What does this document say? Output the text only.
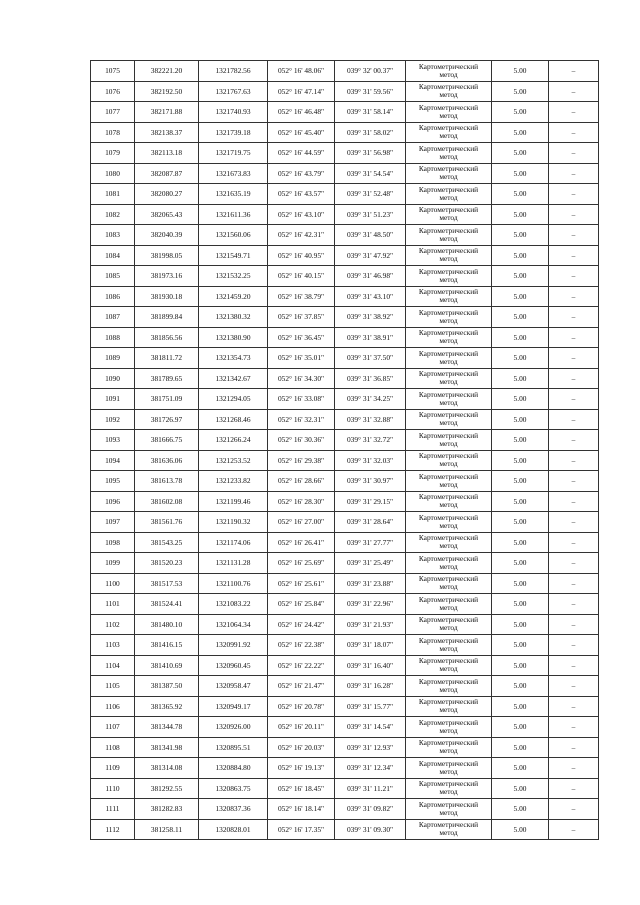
1075	382221.20	1321782.56	052° 16' 48.06"	039° 32' 00.37"	Картометрический
метод	5.00	–
1076	382192.50	1321767.63	052° 16' 47.14"	039° 31' 59.56"	Картометрический
метод	5.00	–
1077	382171.88	1321740.93	052° 16' 46.48"	039° 31' 58.14"	Картометрический
метод	5.00	–
1078	382138.37	1321739.18	052° 16' 45.40"	039° 31' 58.02"	Картометрический
метод	5.00	–
1079	382113.18	1321719.75	052° 16' 44.59"	039° 31' 56.98"	Картометрический
метод	5.00	–
1080	382087.87	1321673.83	052° 16' 43.79"	039° 31' 54.54"	Картометрический
метод	5.00	–
1081	382080.27	1321635.19	052° 16' 43.57"	039° 31' 52.48"	Картометрический
метод	5.00	–
1082	382065.43	1321611.36	052° 16' 43.10"	039° 31' 51.23"	Картометрический
метод	5.00	–
1083	382040.39	1321560.06	052° 16' 42.31"	039° 31' 48.50"	Картометрический
метод	5.00	–
1084	381998.05	1321549.71	052° 16' 40.95"	039° 31' 47.92"	Картометрический
метод	5.00	–
1085	381973.16	1321532.25	052° 16' 40.15"	039° 31' 46.98"	Картометрический
метод	5.00	–
1086	381930.18	1321459.20	052° 16' 38.79"	039° 31' 43.10"	Картометрический
метод	5.00	–
1087	381899.84	1321380.32	052° 16' 37.85"	039° 31' 38.92"	Картометрический
метод	5.00	–
1088	381856.56	1321380.90	052° 16' 36.45"	039° 31' 38.91"	Картометрический
метод	5.00	–
1089	381811.72	1321354.73	052° 16' 35.01"	039° 31' 37.50"	Картометрический
метод	5.00	–
1090	381789.65	1321342.67	052° 16' 34.30"	039° 31' 36.85"	Картометрический
метод	5.00	–
1091	381751.09	1321294.05	052° 16' 33.08"	039° 31' 34.25"	Картометрический
метод	5.00	–
1092	381726.97	1321268.46	052° 16' 32.31"	039° 31' 32.88"	Картометрический
метод	5.00	–
1093	381666.75	1321266.24	052° 16' 30.36"	039° 31' 32.72"	Картометрический
метод	5.00	–
1094	381636.06	1321253.52	052° 16' 29.38"	039° 31' 32.03"	Картометрический
метод	5.00	–
1095	381613.78	1321233.82	052° 16' 28.66"	039° 31' 30.97"	Картометрический
метод	5.00	–
1096	381602.08	1321199.46	052° 16' 28.30"	039° 31' 29.15"	Картометрический
метод	5.00	–
1097	381561.76	1321190.32	052° 16' 27.00"	039° 31' 28.64"	Картометрический
метод	5.00	–
1098	381543.25	1321174.06	052° 16' 26.41"	039° 31' 27.77"	Картометрический
метод	5.00	–
1099	381520.23	1321131.28	052° 16' 25.69"	039° 31' 25.49"	Картометрический
метод	5.00	–
1100	381517.53	1321100.76	052° 16' 25.61"	039° 31' 23.88"	Картометрический
метод	5.00	–
1101	381524.41	1321083.22	052° 16' 25.84"	039° 31' 22.96"	Картометрический
метод	5.00	–
1102	381480.10	1321064.34	052° 16' 24.42"	039° 31' 21.93"	Картометрический
метод	5.00	–
1103	381416.15	1320991.92	052° 16' 22.38"	039° 31' 18.07"	Картометрический
метод	5.00	–
1104	381410.69	1320960.45	052° 16' 22.22"	039° 31' 16.40"	Картометрический
метод	5.00	–
1105	381387.50	1320958.47	052° 16' 21.47"	039° 31' 16.28"	Картометрический
метод	5.00	–
1106	381365.92	1320949.17	052° 16' 20.78"	039° 31' 15.77"	Картометрический
метод	5.00	–
1107	381344.78	1320926.00	052° 16' 20.11"	039° 31' 14.54"	Картометрический
метод	5.00	–
1108	381341.98	1320895.51	052° 16' 20.03"	039° 31' 12.93"	Картометрический
метод	5.00	–
1109	381314.08	1320884.80	052° 16' 19.13"	039° 31' 12.34"	Картометрический
метод	5.00	–
1110	381292.55	1320863.75	052° 16' 18.45"	039° 31' 11.21"	Картометрический
метод	5.00	–
1111	381282.83	1320837.36	052° 16' 18.14"	039° 31' 09.82"	Картометрический
метод	5.00	–
1112	381258.11	1320828.01	052° 16' 17.35"	039° 31' 09.30"	Картометрический
метод	5.00	–
